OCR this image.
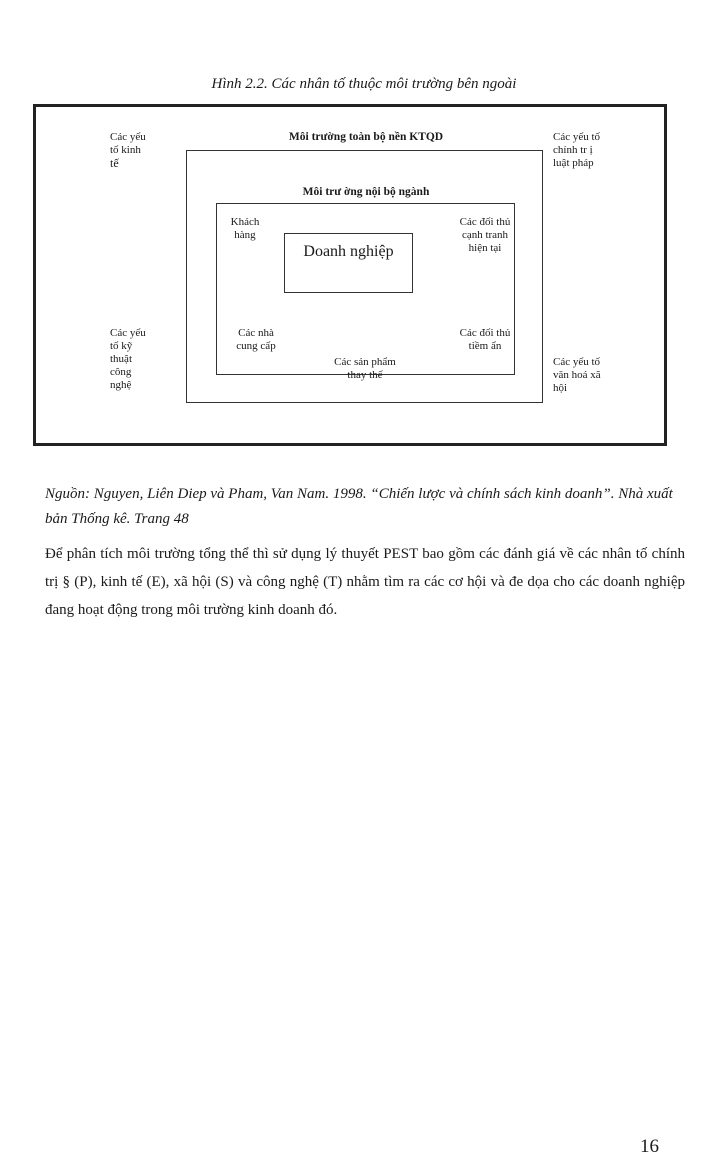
Hình 2.2. Các nhân tố thuộc môi trường bên ngoài
Môi trường toàn bộ nền KTQD
Môi trư ờng nội bộ ngành
Doanh nghiệp
Các yếu
tố kinh
tế
Các yếu
tố kỹ
thuật
công
nghệ
Các yếu tố
chính tr ị
luật pháp
Các yếu tố
văn hoá xã
hội
Khách
hàng
Các đối thủ
cạnh tranh
hiện tại
Các nhà
cung cấp
Các đối thủ
tiềm ẩn
Các sản phẩm
thay thế
Nguồn: Nguyen, Liên Diep và Pham, Van Nam. 1998. “Chiến lược và chính sách kinh doanh”. Nhà xuất bản Thống kê. Trang 48
Để phân tích môi trường tổng thể thì sử dụng lý thuyết PEST bao gồm các đánh giá về các nhân tố chính trị § (P), kinh tế (E), xã hội (S) và công nghệ (T) nhằm tìm ra các cơ hội và đe dọa cho các doanh nghiệp đang hoạt động trong môi trường kinh doanh đó.
16
